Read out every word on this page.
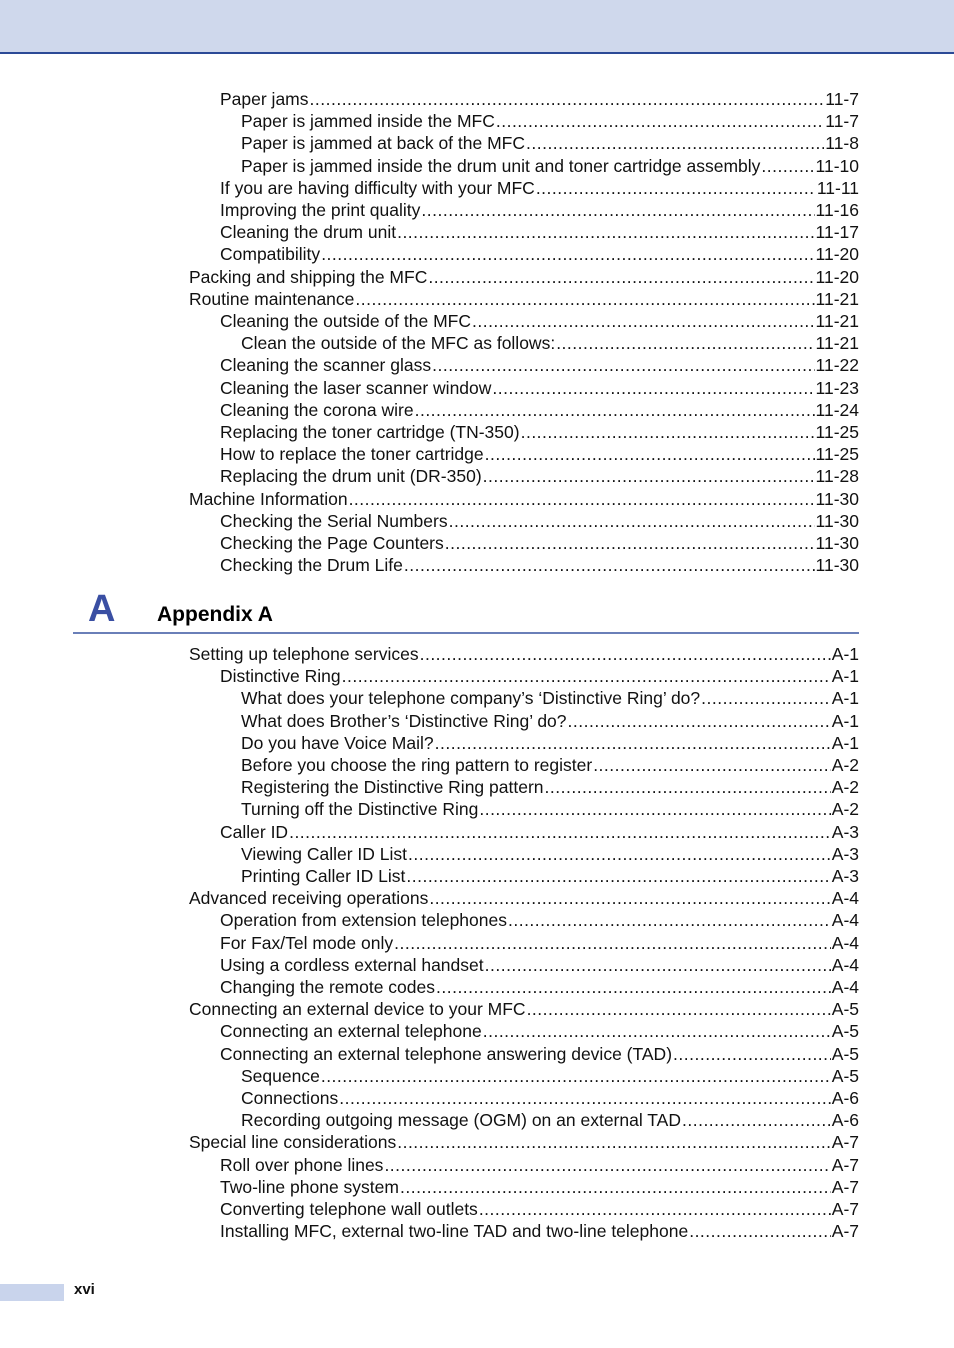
Paper jams .....	11-7
Paper is jammed inside the MFC .....	11-7
Paper is jammed at back of the MFC .....	11-8
Paper is jammed inside the drum unit and toner cartridge assembly .....	11-10
If you are having difficulty with your MFC .....	11-11
Improving the print quality .....	11-16
Cleaning the drum unit .....	11-17
Compatibility .....	11-20
Packing and shipping the MFC .....	11-20
Routine maintenance .....	11-21
Cleaning the outside of the MFC .....	11-21
Clean the outside of the MFC as follows: .....	11-21
Cleaning the scanner glass .....	11-22
Cleaning the laser scanner window .....	11-23
Cleaning the corona wire .....	11-24
Replacing the toner cartridge (TN-350) .....	11-25
How to replace the toner cartridge .....	11-25
Replacing the drum unit (DR-350) .....	11-28
Machine Information .....	11-30
Checking the Serial Numbers .....	11-30
Checking the Page Counters .....	11-30
Checking the Drum Life .....	11-30
A Appendix A
Setting up telephone services .....	A-1
Distinctive Ring .....	A-1
What does your telephone company’s ‘Distinctive Ring’ do? .....	A-1
What does Brother’s ‘Distinctive Ring’ do? .....	A-1
Do you have Voice Mail? .....	A-1
Before you choose the ring pattern to register .....	A-2
Registering the Distinctive Ring pattern .....	A-2
Turning off the Distinctive Ring .....	A-2
Caller ID .....	A-3
Viewing Caller ID List .....	A-3
Printing Caller ID List .....	A-3
Advanced receiving operations .....	A-4
Operation from extension telephones .....	A-4
For Fax/Tel mode only .....	A-4
Using a cordless external handset .....	A-4
Changing the remote codes .....	A-4
Connecting an external device to your MFC .....	A-5
Connecting an external telephone .....	A-5
Connecting an external telephone answering device (TAD) .....	A-5
Sequence .....	A-5
Connections .....	A-6
Recording outgoing message (OGM) on an external TAD .....	A-6
Special line considerations .....	A-7
Roll over phone lines .....	A-7
Two-line phone system .....	A-7
Converting telephone wall outlets .....	A-7
Installing MFC, external two-line TAD and two-line telephone .....	A-7
xvi
